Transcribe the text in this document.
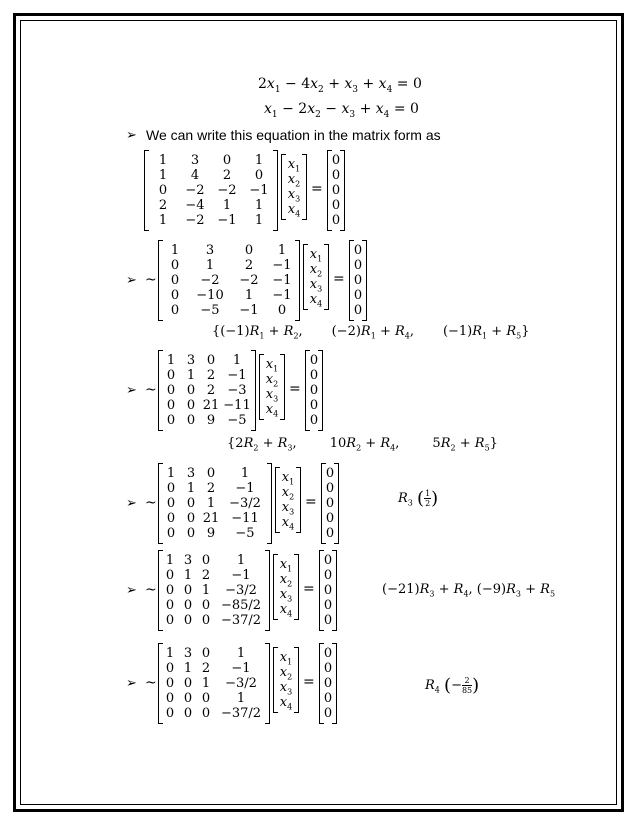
$2x_1 - 4x_2 + x_3 + x_4 = 0$
$x_1 - 2x_2 - x_3 + x_4 = 0$
➢ We can write this equation in the matrix form as
1	3	0	1
1	4	2	0
0	−2 −2 −1
2	−4	1	1
1	−2 −1	1
$x_1$
$x_2$
$x_3$
$x_4$
=
0
0
0
0
0
➢ ~
1	3	0	1
0	1	2	−1
0	−2	−2	−1
0	−10	1	−1
0	−5	−1	0
$x_1$
$x_2$
$x_3$
$x_4$
=
0
0
0
0
0
➢ ~
1 3 0	1
0 1 2 −1
0 0 2 −3
0 0 21 −11
0 0 9 −5
$x_1$
$x_2$
$x_3$
$x_4$
=
0
0
0
0
0
➢ ~
1 3 0	1
0 1 2	−1
0 0 1	−3/2
0 0 21 −11
0 0 9	−5
$x_1$
$x_2$
$x_3$
$x_4$
=
0
0
0
0
0
➢ ~
1 3 0	1
0 1 2	−1
0 0 1	−3/2
0 0 0 −85/2
0 0 0 −37/2
$x_1$
$x_2$
$x_3$
$x_4$
=
0
0
0
0
0
➢ ~
1 3 0	1
0 1 2	−1
0 0 1	−3/2
0 0 0	1
0 0 0 −37/2
$x_1$
$x_2$
$x_3$
$x_4$
=
0
0
0
0
0
{$(-1)R_1 + R_2$,       $(-2)R_1 + R_4$,       $(-1)R_1 + R_5$}
{$2R_2 + R_3$,        $10R_2 + R_4$,        $5R_2 + R_5$}
$R_3$ ( $\frac{1}{2}$ )
$(-21)R_3 + R_4$, $(-9)R_3 + R_5$
$R_4$ (− $\frac{2}{85}$ )
